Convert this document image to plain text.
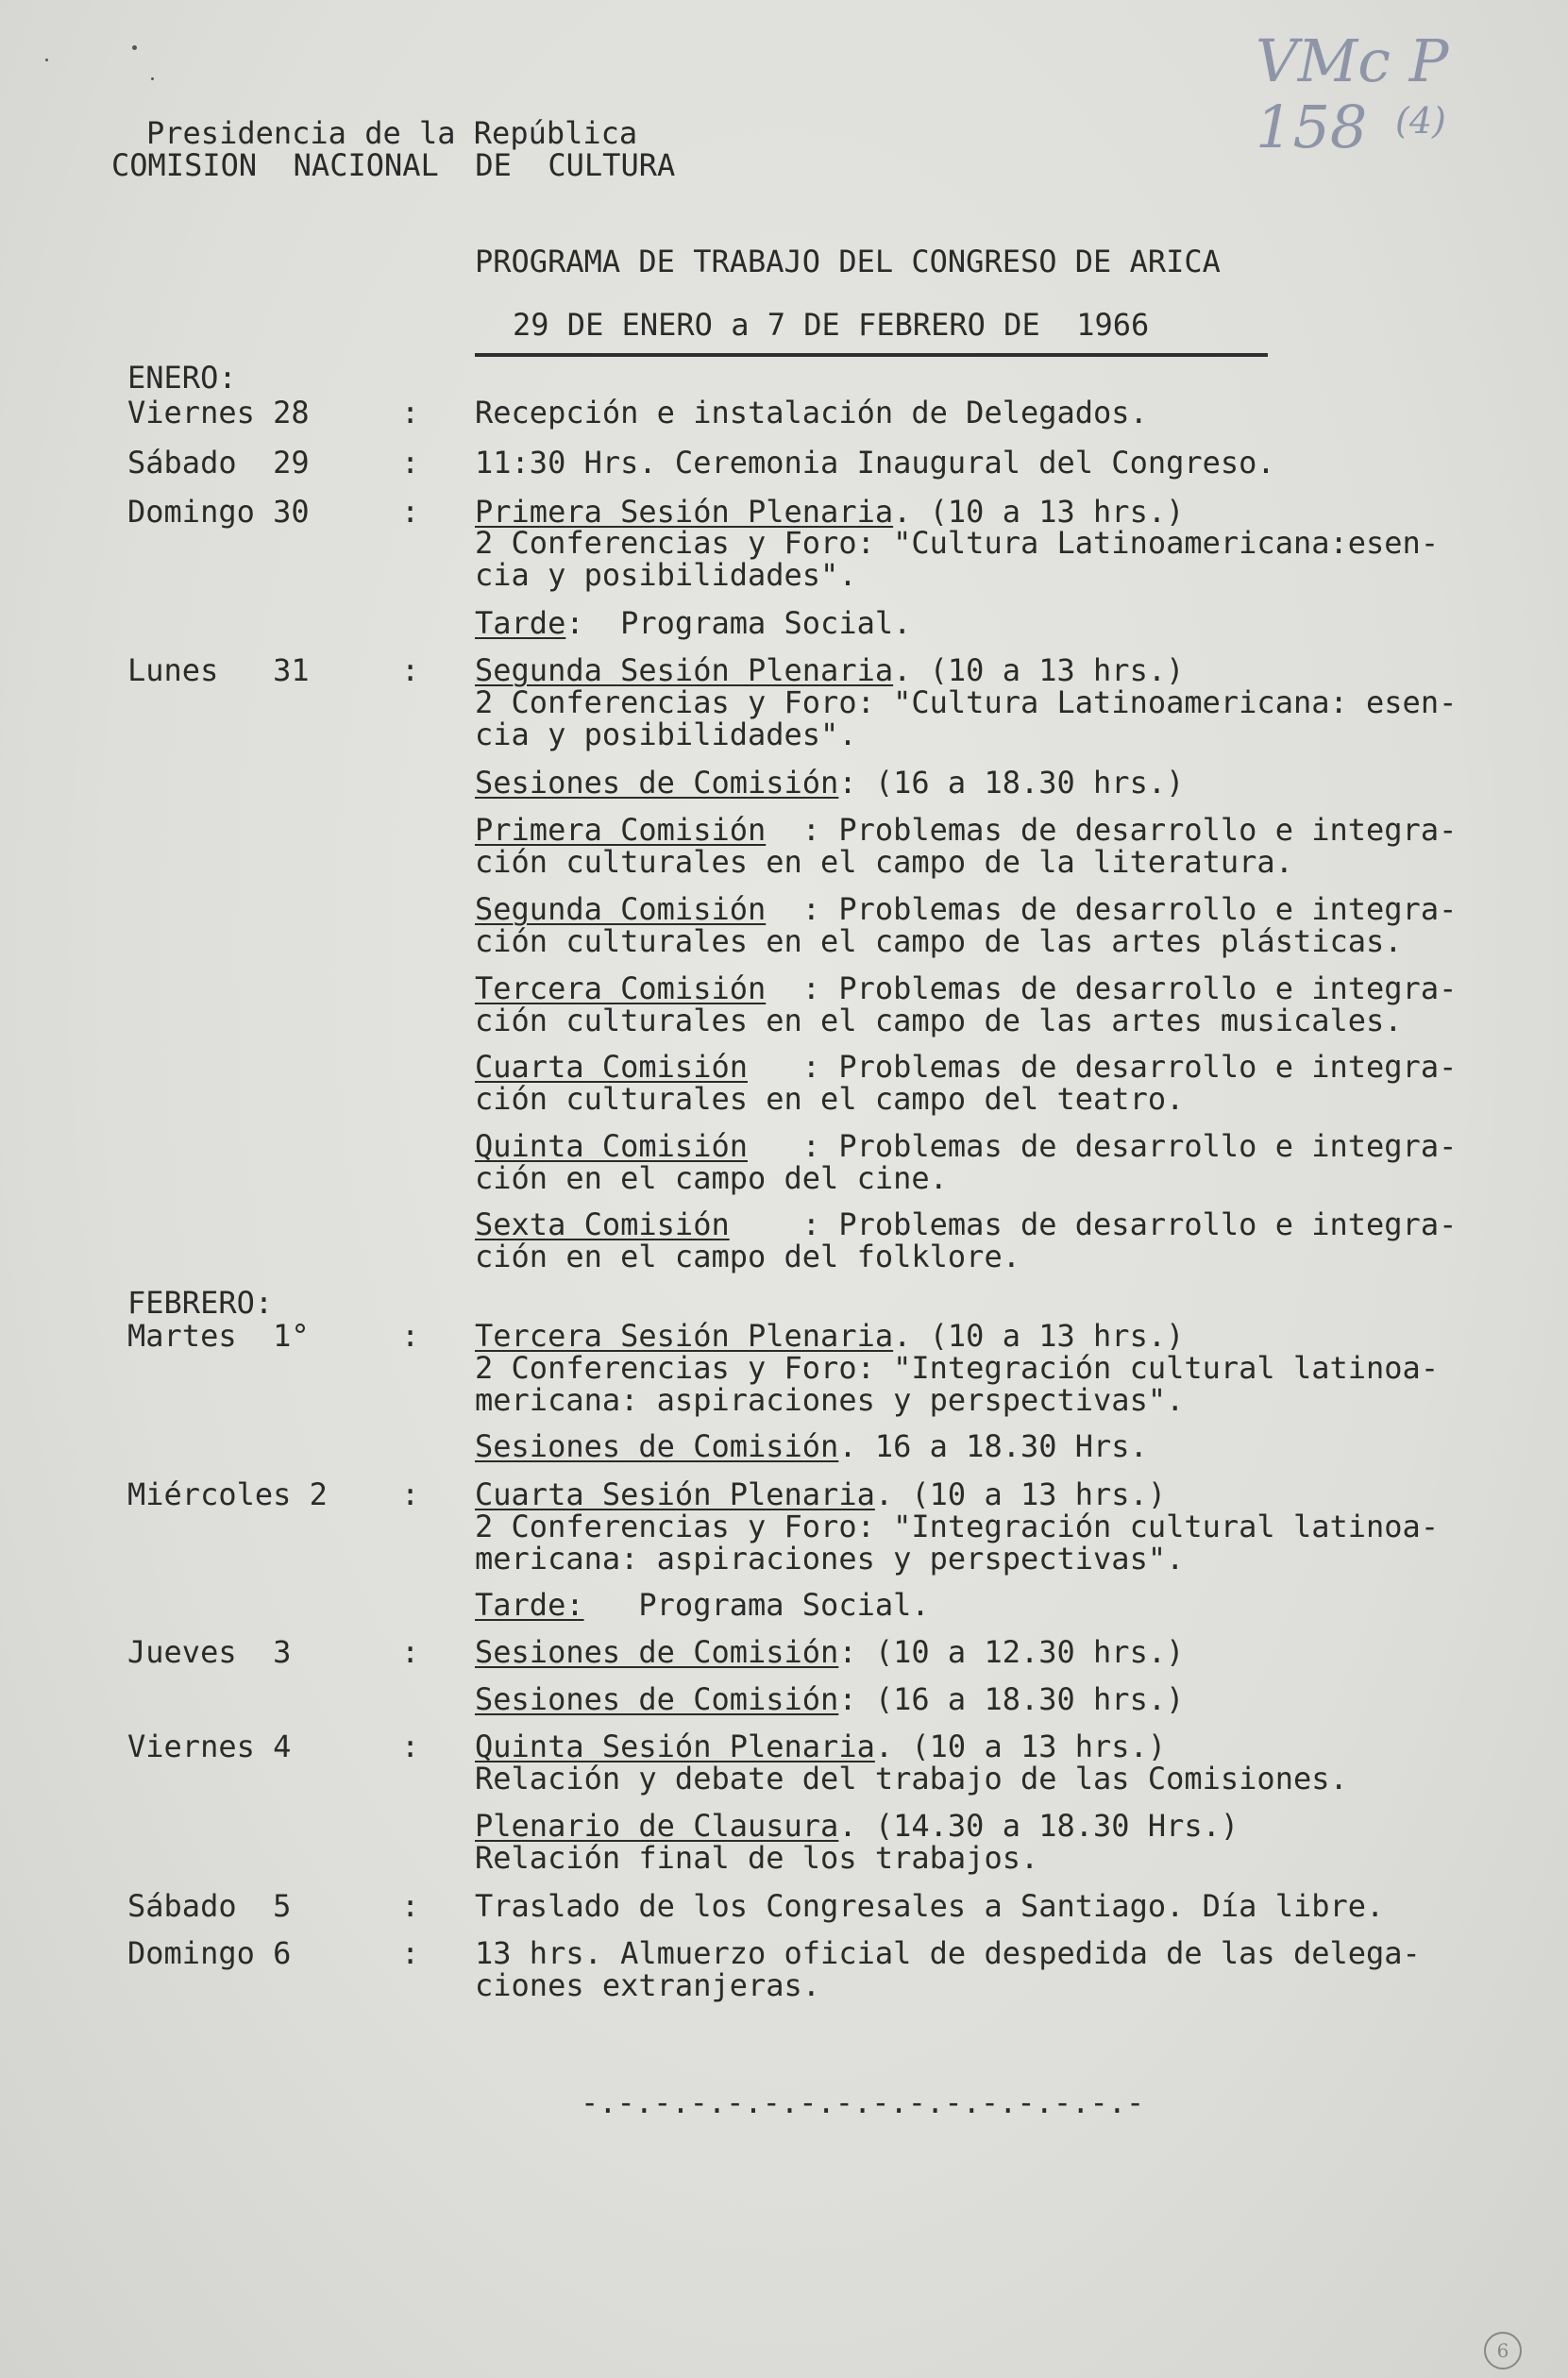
VMc P 158 (4)
Presidencia de la República
COMISION  NACIONAL  DE  CULTURA
PROGRAMA DE TRABAJO DEL CONGRESO DE ARICA
29 DE ENERO a 7 DE FEBRERO DE  1966
ENERO:
Viernes 28	: Recepción e instalación de Delegados.
Sábado  29	: 11:30 Hrs. Ceremonia Inaugural del Congreso.
Domingo 30	: Primera Sesión Plenaria. (10 a 13 hrs.)
2 Conferencias y Foro: "Cultura Latinoamericana:esen-
cia y posibilidades".
Tarde:  Programa Social.
Lunes   31	: Segunda Sesión Plenaria. (10 a 13 hrs.)
2 Conferencias y Foro: "Cultura Latinoamericana: esen-
cia y posibilidades".
Sesiones de Comisión: (16 a 18.30 hrs.)
Primera Comisión  : Problemas de desarrollo e integra-
ción culturales en el campo de la literatura.
Segunda Comisión  : Problemas de desarrollo e integra-
ción culturales en el campo de las artes plásticas.
Tercera Comisión  : Problemas de desarrollo e integra-
ción culturales en el campo de las artes musicales.
Cuarta Comisión   : Problemas de desarrollo e integra-
ción culturales en el campo del teatro.
Quinta Comisión   : Problemas de desarrollo e integra-
ción en el campo del cine.
Sexta Comisión    : Problemas de desarrollo e integra-
ción en el campo del folklore.
FEBRERO:
Martes  1°	: Tercera Sesión Plenaria. (10 a 13 hrs.)
2 Conferencias y Foro: "Integración cultural latinoa-
mericana: aspiraciones y perspectivas".
Sesiones de Comisión. 16 a 18.30 Hrs.
Miércoles 2 : Cuarta Sesión Plenaria. (10 a 13 hrs.)
2 Conferencias y Foro: "Integración cultural latinoa-
mericana: aspiraciones y perspectivas".
Tarde:   Programa Social.
Jueves  3	: Sesiones de Comisión: (10 a 12.30 hrs.)
Sesiones de Comisión: (16 a 18.30 hrs.)
Viernes 4	: Quinta Sesión Plenaria. (10 a 13 hrs.)
Relación y debate del trabajo de las Comisiones.
Plenario de Clausura. (14.30 a 18.30 Hrs.)
Relación final de los trabajos.
Sábado  5	: Traslado de los Congresales a Santiago. Día libre.
Domingo 6	: 13 hrs. Almuerzo oficial de despedida de las delega-
ciones extranjeras.
-.-.-.-.-.-.-.-.-.-.-.-.-.-.-.-
6
